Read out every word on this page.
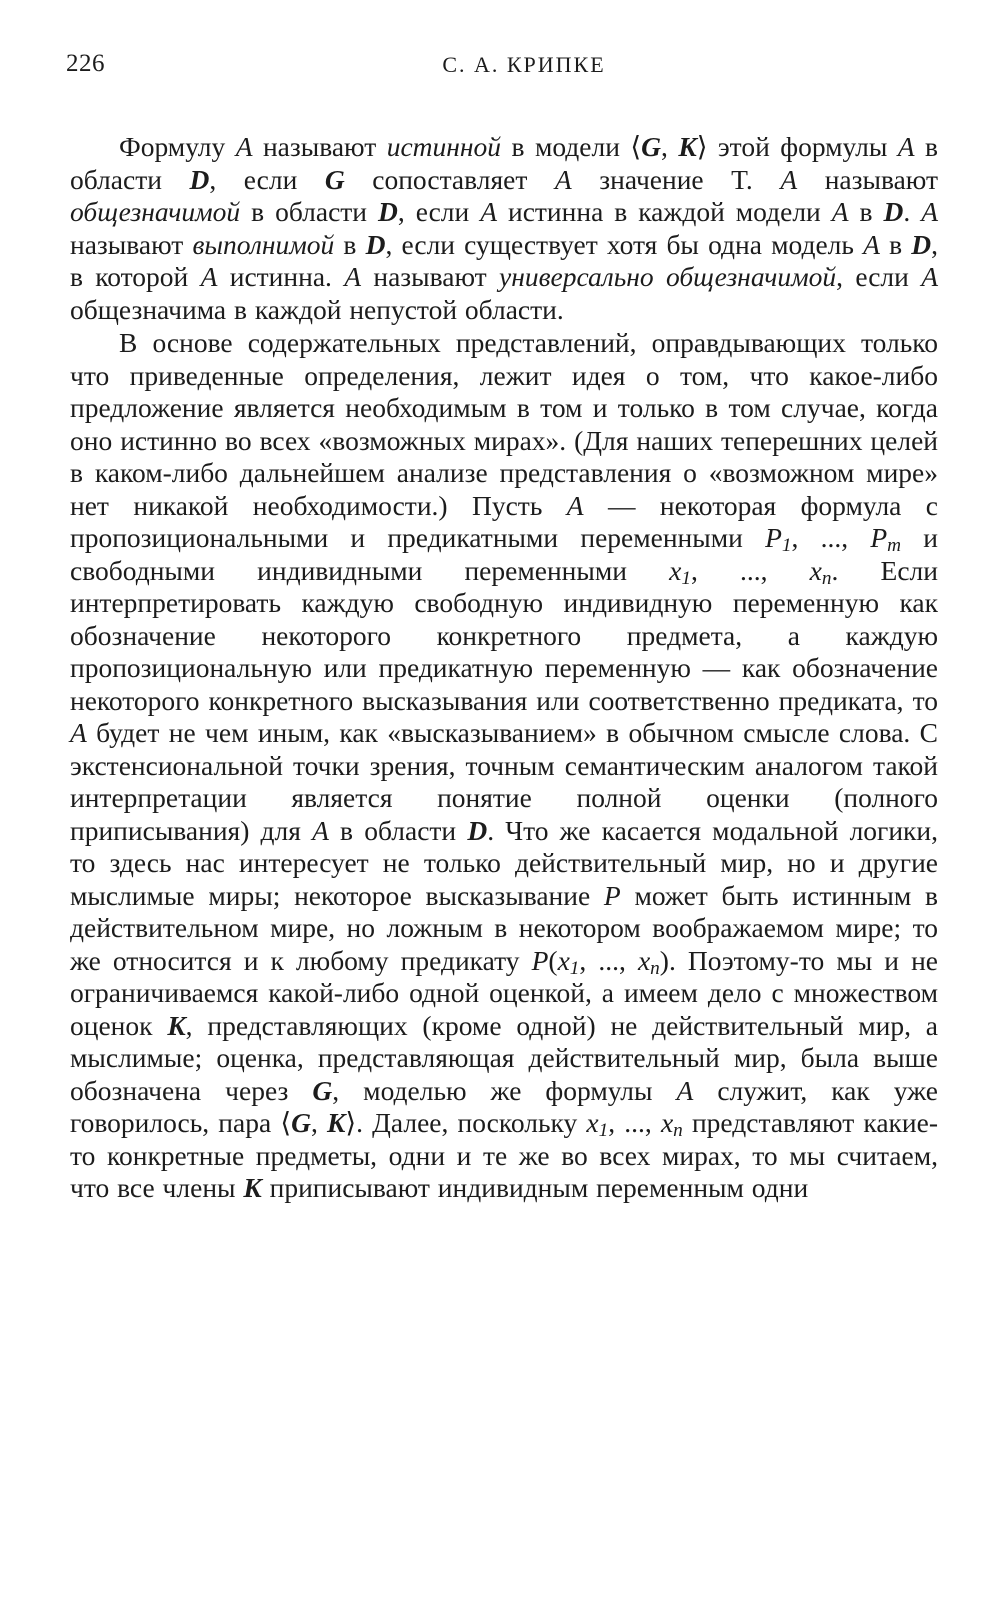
226	С. А. КРИПКЕ

Формулу А называют истинной в модели ⟨G, K⟩ этой формулы А в области D, если G сопоставляет А значение T. А называют общезначимой в области D, если А истинна в каждой модели А в D. А называют выполнимой в D, если существует хотя бы одна модель А в D, в которой А истинна. А называют универсально общезначимой, если А общезначима в каждой непустой области.

В основе содержательных представлений, оправдывающих только что приведенные определения, лежит идея о том, что какое-либо предложение является необходимым в том и только в том случае, когда оно истинно во всех «возможных мирах». (Для наших теперешних целей в каком-либо дальнейшем анализе представления о «возможном мире» нет никакой необходимости.) Пусть А — некоторая формула с пропозициональными и предикатными переменными $P_1$, ..., $P_m$ и свободными индивидными переменными $x_1$, ..., $x_n$. Если интерпретировать каждую свободную индивидную переменную как обозначение некоторого конкретного предмета, а каждую пропозициональную или предикатную переменную — как обозначение некоторого конкретного высказывания или соответственно предиката, то А будет не чем иным, как «высказыванием» в обычном смысле слова. С экстенсиональной точки зрения, точным семантическим аналогом такой интерпретации является понятие полной оценки (полного приписывания) для А в области D. Что же касается модальной логики, то здесь нас интересует не только действительный мир, но и другие мыслимые миры; некоторое высказывание P может быть истинным в действительном мире, но ложным в некотором воображаемом мире; то же относится и к любому предикату $P(x_1$, ..., $x_n$). Поэтому-то мы и не ограничиваемся какой-либо одной оценкой, а имеем дело с множеством оценок K, представляющих (кроме одной) не действительный мир, а мыслимые; оценка, представляющая действительный мир, была выше обозначена через G, моделью же формулы А служит, как уже говорилось, пара ⟨G, K⟩. Далее, поскольку $x_1$, ..., $x_n$ представляют какие-то конкретные предметы, одни и те же во всех мирах, то мы считаем, что все члены K приписывают индивидным переменным одни
